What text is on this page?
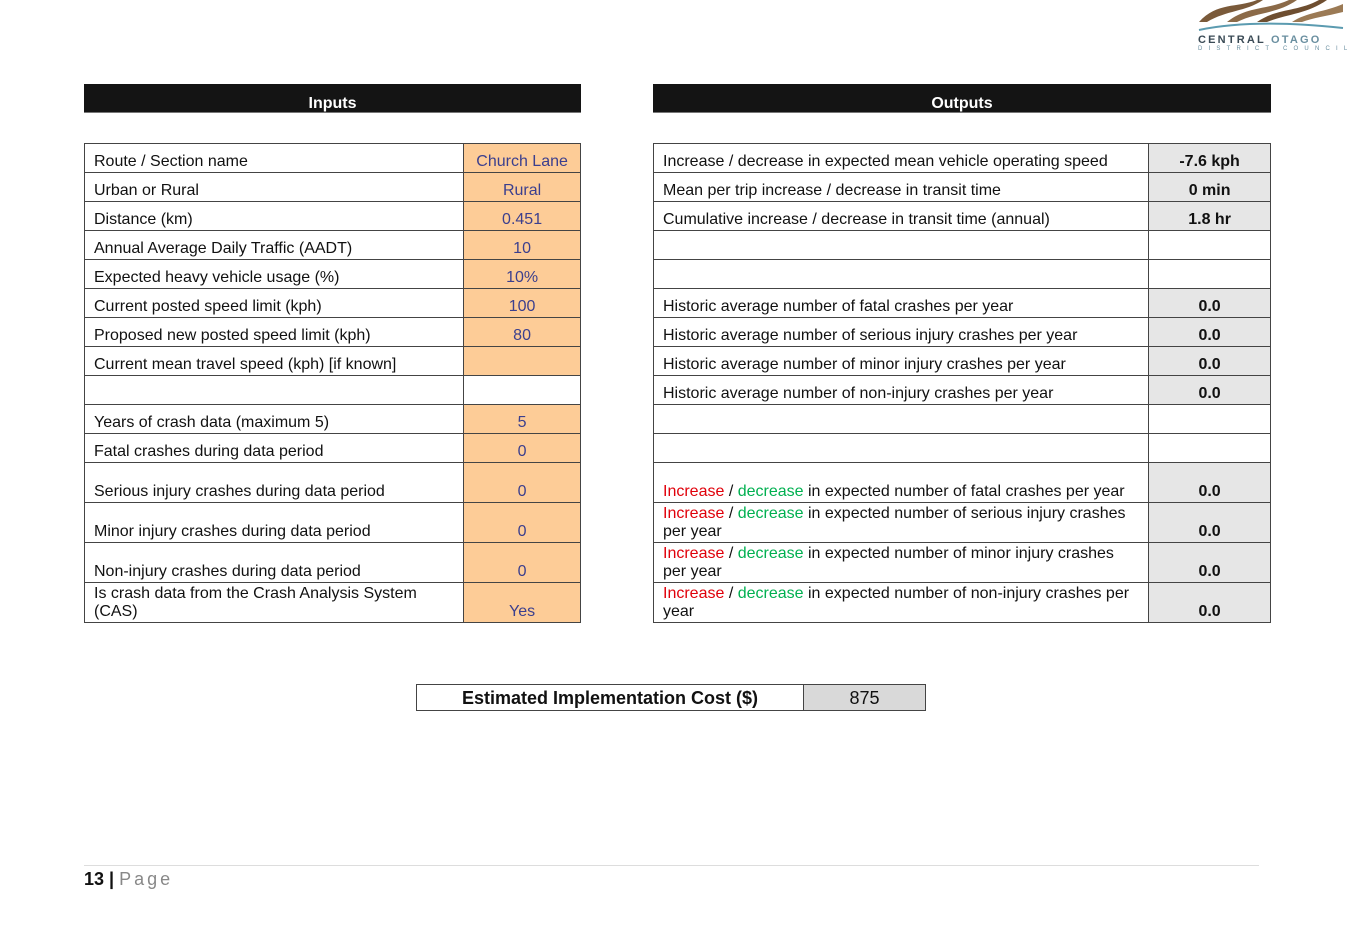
CENTRAL OTAGO
DISTRICT COUNCIL
Inputs	Outputs
Route / Section name	Church Lane
Urban or Rural	Rural
Distance (km)	0.451
Annual Average Daily Traffic (AADT)	10
Expected heavy vehicle usage (%)	10%
Current posted speed limit (kph)	100
Proposed new posted speed limit (kph)	80
Current mean travel speed (kph) [if known]	

Years of crash data (maximum 5)	5
Fatal crashes during data period	0
Serious injury crashes during data period	0
Minor injury crashes during data period	0
Non-injury crashes during data period	0
Is crash data from the Crash Analysis System (CAS)	Yes
Increase / decrease in expected mean vehicle operating speed	-7.6 kph
Mean per trip increase / decrease in transit time	0 min
Cumulative increase / decrease in transit time (annual)	1.8 hr

Historic average number of fatal crashes per year	0.0
Historic average number of serious injury crashes per year	0.0
Historic average number of minor injury crashes per year	0.0
Historic average number of non-injury crashes per year	0.0

Increase / decrease in expected number of fatal crashes per year	0.0
Increase / decrease in expected number of serious injury crashes per year	0.0
Increase / decrease in expected number of minor injury crashes per year	0.0
Increase / decrease in expected number of non-injury crashes per year	0.0
Estimated Implementation Cost ($)	875
13 | Page
